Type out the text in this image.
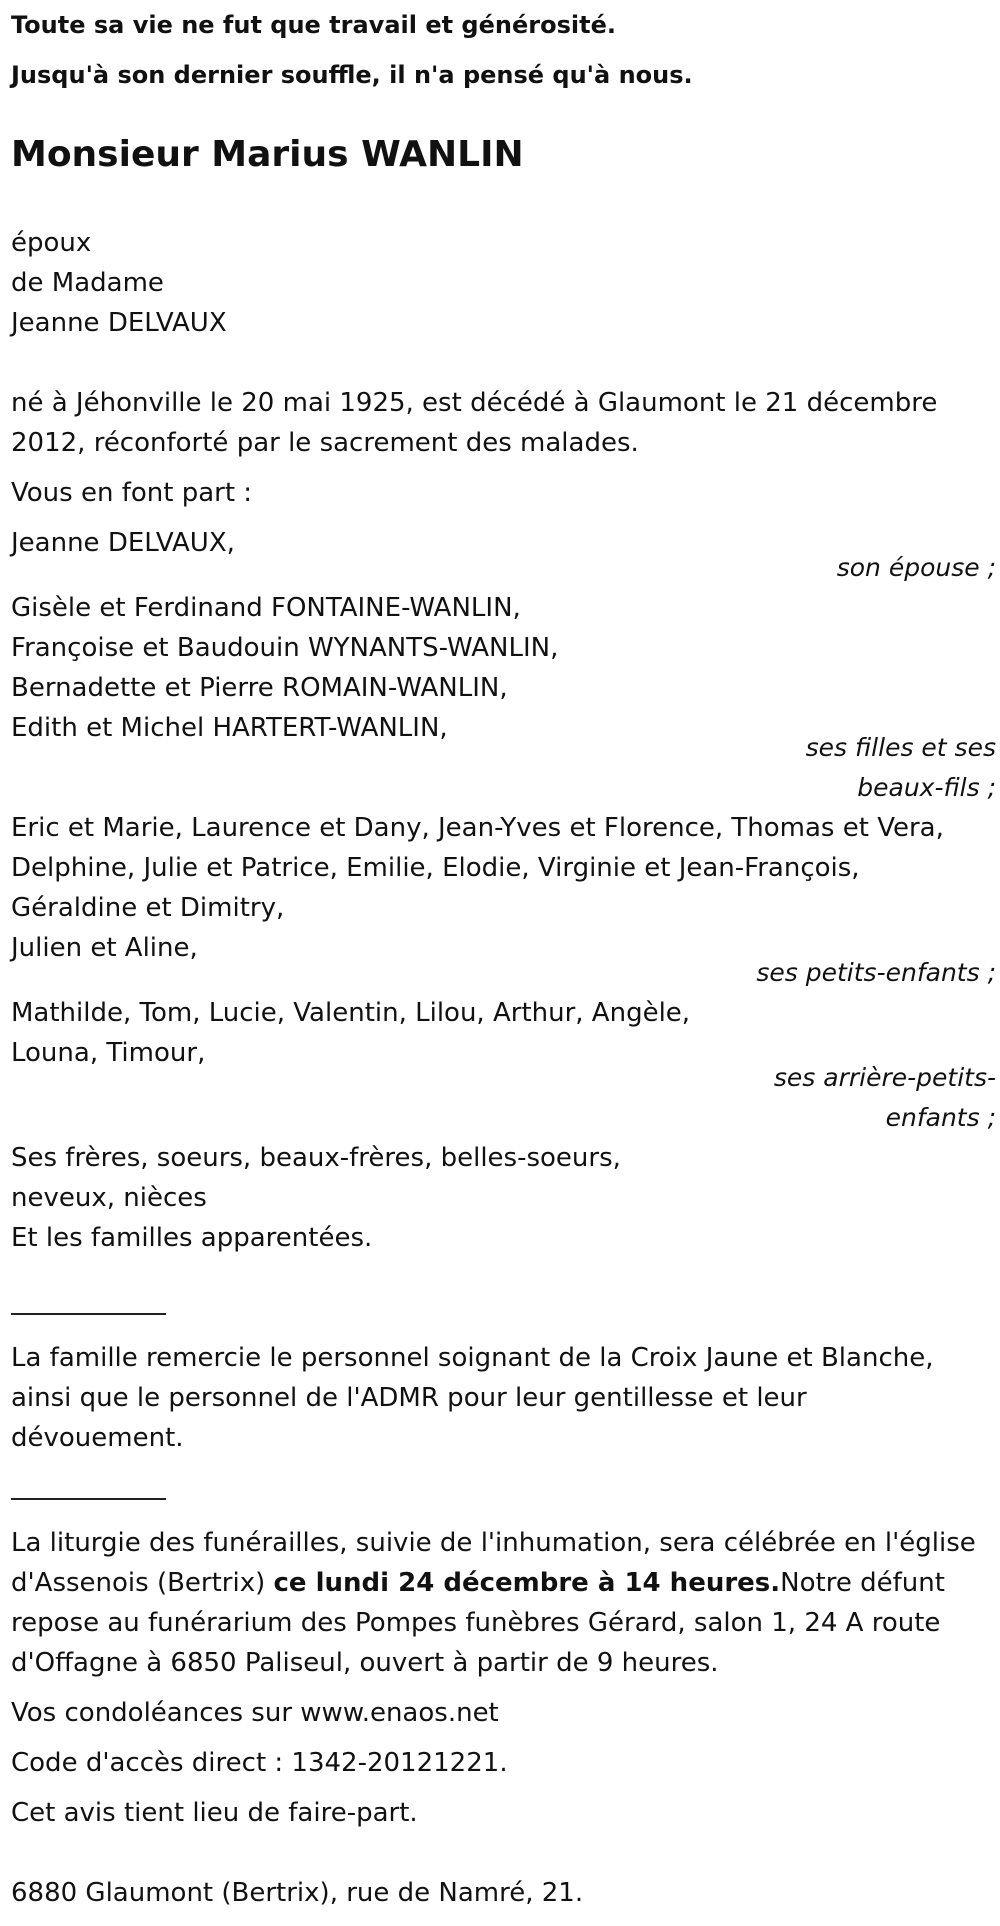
Toute sa vie ne fut que travail et générosité.
Jusqu'à son dernier souffle, il n'a pensé qu'à nous.
Monsieur Marius WANLIN
époux
de Madame
Jeanne DELVAUX
né à Jéhonville le 20 mai 1925, est décédé à Glaumont le 21 décembre
2012, réconforté par le sacrement des malades.
Vous en font part :
Jeanne DELVAUX,
son épouse ;
Gisèle et Ferdinand FONTAINE-WANLIN,
Françoise et Baudouin WYNANTS-WANLIN,
Bernadette et Pierre ROMAIN-WANLIN,
Edith et Michel HARTERT-WANLIN,
ses filles et ses
beaux-fils ;
Eric et Marie, Laurence et Dany, Jean-Yves et Florence, Thomas et Vera,
Delphine, Julie et Patrice, Emilie, Elodie, Virginie et Jean-François,
Géraldine et Dimitry,
Julien et Aline,
ses petits-enfants ;
Mathilde, Tom, Lucie, Valentin, Lilou, Arthur, Angèle,
Louna, Timour,
ses arrière-petits-
enfants ;
Ses frères, soeurs, beaux-frères, belles-soeurs,
neveux, nièces
Et les familles apparentées.
La famille remercie le personnel soignant de la Croix Jaune et Blanche,
ainsi que le personnel de l'ADMR pour leur gentillesse et leur
dévouement.
La liturgie des funérailles, suivie de l'inhumation, sera célébrée en l'église
d'Assenois (Bertrix) ce lundi 24 décembre à 14 heures.Notre défunt
repose au funérarium des Pompes funèbres Gérard, salon 1, 24 A route
d'Offagne à 6850 Paliseul, ouvert à partir de 9 heures.
Vos condoléances sur www.enaos.net
Code d'accès direct : 1342-20121221.
Cet avis tient lieu de faire-part.
6880 Glaumont (Bertrix), rue de Namré, 21.
